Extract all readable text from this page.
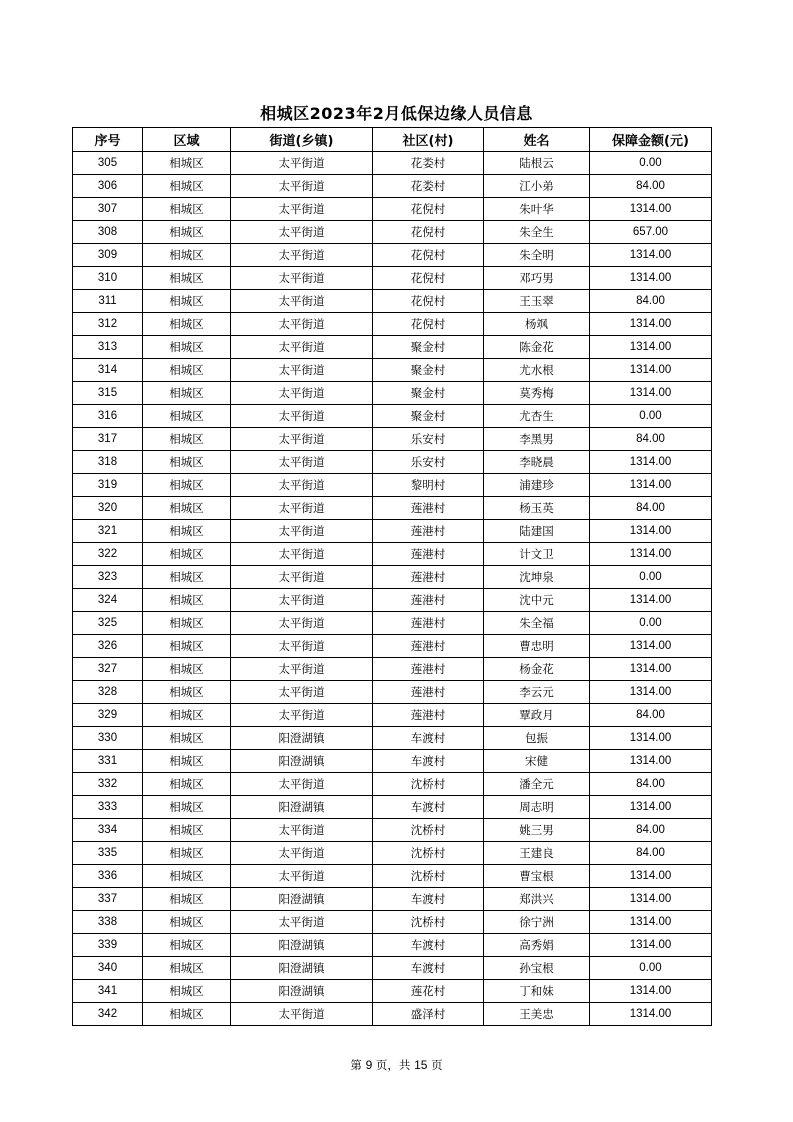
相城区2023年2月低保边缘人员信息
序号	区域	街道(乡镇)	社区(村)	姓名	保障金额(元)
305	相城区	太平街道	花娄村	陆根云	0.00
306	相城区	太平街道	花娄村	江小弟	84.00
307	相城区	太平街道	花倪村	朱叶华	1314.00
308	相城区	太平街道	花倪村	朱全生	657.00
309	相城区	太平街道	花倪村	朱全明	1314.00
310	相城区	太平街道	花倪村	邓巧男	1314.00
311	相城区	太平街道	花倪村	王玉翠	84.00
312	相城区	太平街道	花倪村	杨飒	1314.00
313	相城区	太平街道	聚金村	陈金花	1314.00
314	相城区	太平街道	聚金村	尤水根	1314.00
315	相城区	太平街道	聚金村	莫秀梅	1314.00
316	相城区	太平街道	聚金村	尤杏生	0.00
317	相城区	太平街道	乐安村	李黑男	84.00
318	相城区	太平街道	乐安村	李晓晨	1314.00
319	相城区	太平街道	黎明村	浦建珍	1314.00
320	相城区	太平街道	莲港村	杨玉英	84.00
321	相城区	太平街道	莲港村	陆建国	1314.00
322	相城区	太平街道	莲港村	计文卫	1314.00
323	相城区	太平街道	莲港村	沈坤泉	0.00
324	相城区	太平街道	莲港村	沈中元	1314.00
325	相城区	太平街道	莲港村	朱全福	0.00
326	相城区	太平街道	莲港村	曹忠明	1314.00
327	相城区	太平街道	莲港村	杨金花	1314.00
328	相城区	太平街道	莲港村	李云元	1314.00
329	相城区	太平街道	莲港村	覃政月	84.00
330	相城区	阳澄湖镇	车渡村	包振	1314.00
331	相城区	阳澄湖镇	车渡村	宋健	1314.00
332	相城区	太平街道	沈桥村	潘全元	84.00
333	相城区	阳澄湖镇	车渡村	周志明	1314.00
334	相城区	太平街道	沈桥村	姚三男	84.00
335	相城区	太平街道	沈桥村	王建良	84.00
336	相城区	太平街道	沈桥村	曹宝根	1314.00
337	相城区	阳澄湖镇	车渡村	郑洪兴	1314.00
338	相城区	太平街道	沈桥村	徐宁洲	1314.00
339	相城区	阳澄湖镇	车渡村	高秀娟	1314.00
340	相城区	阳澄湖镇	车渡村	孙宝根	0.00
341	相城区	阳澄湖镇	莲花村	丁和妹	1314.00
342	相城区	太平街道	盛泽村	王美忠	1314.00
第 9 页，共 15 页
